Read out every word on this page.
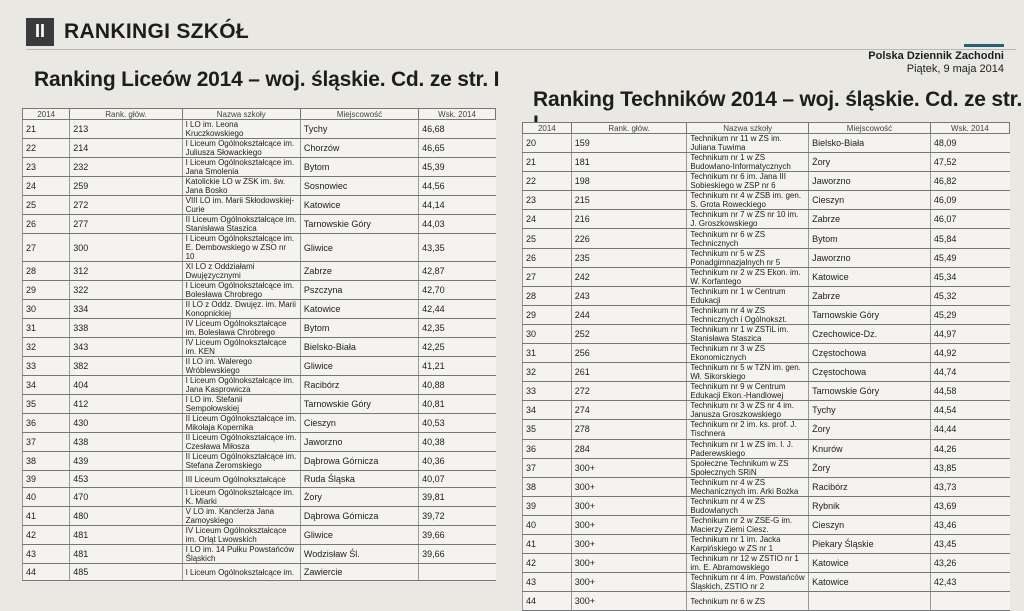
II RANKINGI SZKÓŁ
Polska Dziennik Zachodni
Piątek, 9 maja 2014
Ranking Liceów 2014 – woj. śląskie. Cd. ze str. I
Ranking Techników 2014 – woj. śląskie. Cd. ze str.
2014	Rank. głów.	Nazwa szkoły	Miejscowość	Wsk. 2014
21	213	I LO im. Leona Kruczkowskiego	Tychy	46,68
22	214	I Liceum Ogólnokształcące im. Juliusza Słowackiego	Chorzów	46,65
23	232	I Liceum Ogólnokształcące im. Jana Smolenia	Bytom	45,39
24	259	Katolickie LO w ZSK im. św. Jana Bosko	Sosnowiec	44,56
25	272	VIII LO im. Marii Skłodowskiej-Curie	Katowice	44,14
26	277	II Liceum Ogólnokształcące im. Stanisława Staszica	Tarnowskie Góry	44,03
27	300	I Liceum Ogólnokształcące im. E. Dembowskiego w ZSO nr 10	Gliwice	43,35
28	312	XI LO z Oddziałami Dwujęzycznymi	Zabrze	42,87
29	322	I Liceum Ogólnokształcące im. Bolesława Chrobrego	Pszczyna	42,70
30	334	II LO z Oddz. Dwujęz. im. Marii Konopnickiej	Katowice	42,44
31	338	IV Liceum Ogólnokształcące im. Bolesława Chrobrego	Bytom	42,35
32	343	IV Liceum Ogólnokształcące im. KEN	Bielsko-Biała	42,25
33	382	II LO im. Walerego Wróblewskiego	Gliwice	41,21
34	404	I Liceum Ogólnokształcące im. Jana Kasprowicza	Racibórz	40,88
35	412	I LO im. Stefanii Sempołowskiej	Tarnowskie Góry	40,81
36	430	II Liceum Ogólnokształcące im. Mikołaja Kopernika	Cieszyn	40,53
37	438	II Liceum Ogólnokształcące im. Czesława Miłosza	Jaworzno	40,38
38	439	II Liceum Ogólnokształcące im. Stefana Żeromskiego	Dąbrowa Górnicza	40,36
39	453	III Liceum Ogólnokształcące	Ruda Śląska	40,07
40	470	I Liceum Ogólnokształcące im. K. Miarki	Żory	39,81
41	480	V LO im. Kanclerza Jana Zamoyskiego	Dąbrowa Górnicza	39,72
42	481	IV Liceum Ogólnokształcące im. Orląt Lwowskich	Gliwice	39,66
43	481	I LO im. 14 Pułku Powstańców Śląskich	Wodzisław Śl.	39,66
44	485	I Liceum Ogólnokształcące im.	Zawiercie	
2014	Rank. głów.	Nazwa szkoły	Miejscowość	Wsk. 2014
20	159	Technikum nr 11 w ZS im. Juliana Tuwima	Bielsko-Biała	48,09
21	181	Technikum nr 1 w ZS Budowlano-Informatycznych	Żory	47,52
22	198	Technikum nr 6 im. Jana III Sobieskiego w ZSP nr 6	Jaworzno	46,82
23	215	Technikum nr 4 w ZSB im. gen. S. Grota Roweckiego	Cieszyn	46,09
24	216	Technikum nr 7 w ZS nr 10 im. J. Groszkowskiego	Zabrze	46,07
25	226	Technikum nr 6 w ZS Technicznych	Bytom	45,84
26	235	Technikum nr 5 w ZS Ponadgimnazjalnych nr 5	Jaworzno	45,49
27	242	Technikum nr 2 w ZS Ekon. im. W. Korfantego	Katowice	45,34
28	243	Technikum nr 1 w Centrum Edukacji	Zabrze	45,32
29	244	Technikum nr 4 w ZS Technicznych i Ogólnokszt.	Tarnowskie Góry	45,29
30	252	Technikum nr 1 w ZSTiL im. Stanisława Staszica	Czechowice-Dz.	44,97
31	256	Technikum nr 3 w ZS Ekonomicznych	Częstochowa	44,92
32	261	Technikum nr 5 w TZN im. gen. Wł. Sikorskiego	Częstochowa	44,74
33	272	Technikum nr 9 w Centrum Edukacji Ekon.-Handlowej	Tarnowskie Góry	44,58
34	274	Technikum nr 3 w ZS nr 4 im. Janusza Groszkowskiego	Tychy	44,54
35	278	Technikum nr 2 im. ks. prof. J. Tischnera	Żory	44,44
36	284	Technikum nr 1 w ZS im. I. J. Paderewskiego	Knurów	44,26
37	300+	Społeczne Technikum w ZS Społecznych SRiN	Żory	43,85
38	300+	Technikum nr 4 w ZS Mechanicznych im. Arki Bożka	Racibórz	43,73
39	300+	Technikum nr 4 w ZS Budowlanych	Rybnik	43,69
40	300+	Technikum nr 2 w ZSE-G im. Macierzy Ziemi Ciesz.	Cieszyn	43,46
41	300+	Technikum nr 1 im. Jacka Karpińskiego w ZS nr 1	Piekary Śląskie	43,45
42	300+	Technikum nr 12 w ZSTIO nr 1 im. E. Abramowskiego	Katowice	43,26
43	300+	Technikum nr 4 im. Powstańców Śląskich, ZSTIO nr 2	Katowice	42,43
44	300+	Technikum nr 6 w ZS		
